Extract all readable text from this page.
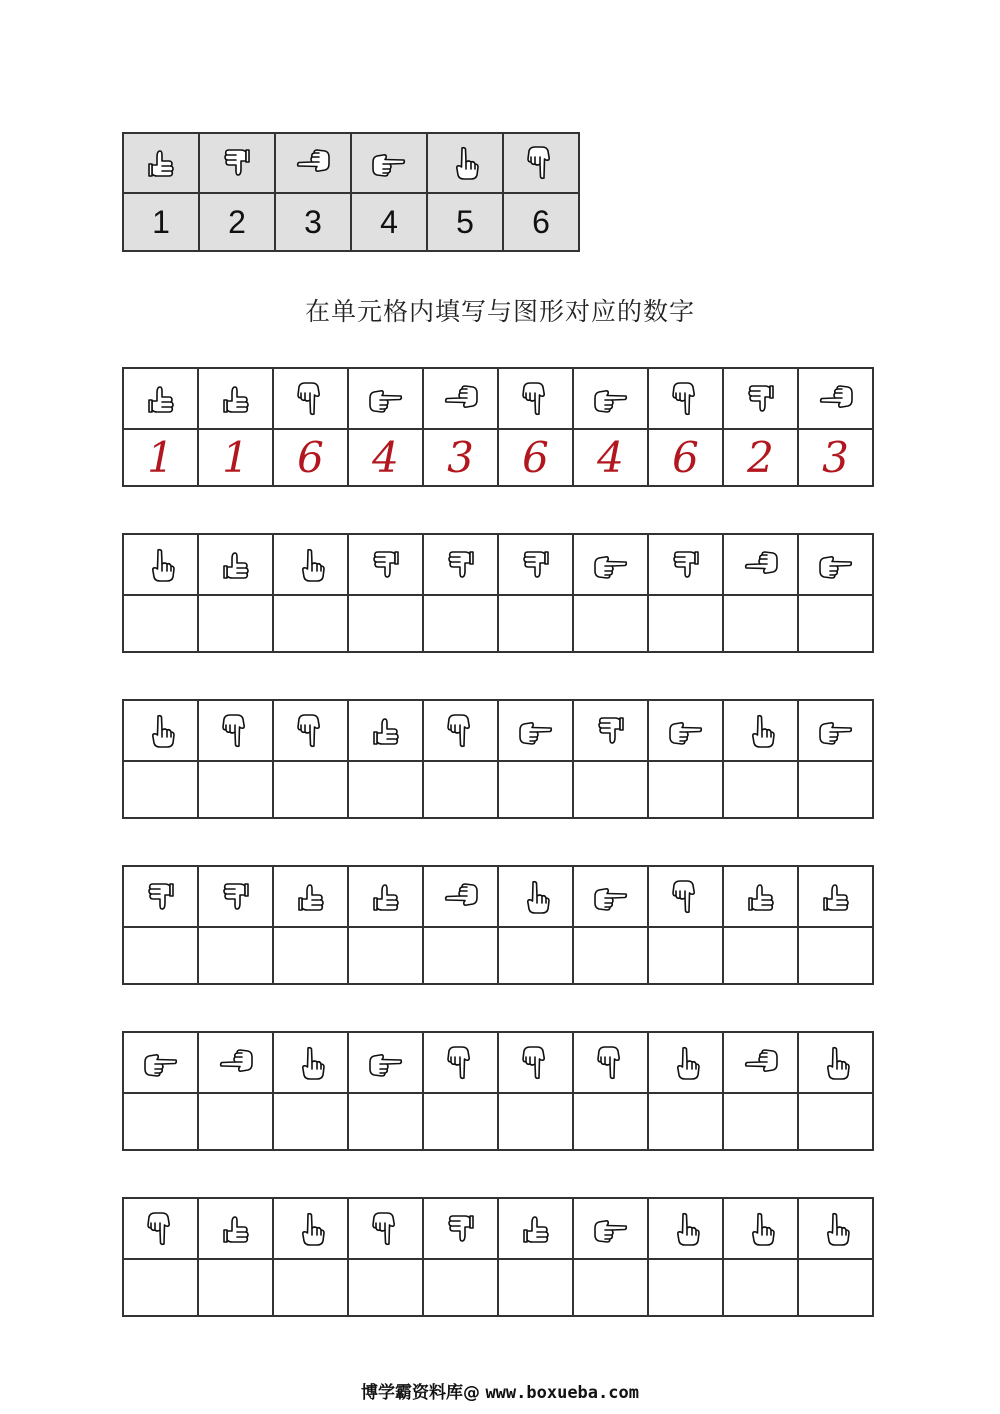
1	2	3	4	5	6
在单元格内填写与图形对应的数字

1	1	6	4	3	6	4	6	2	3

博学霸资料库@ www.boxueba.com
